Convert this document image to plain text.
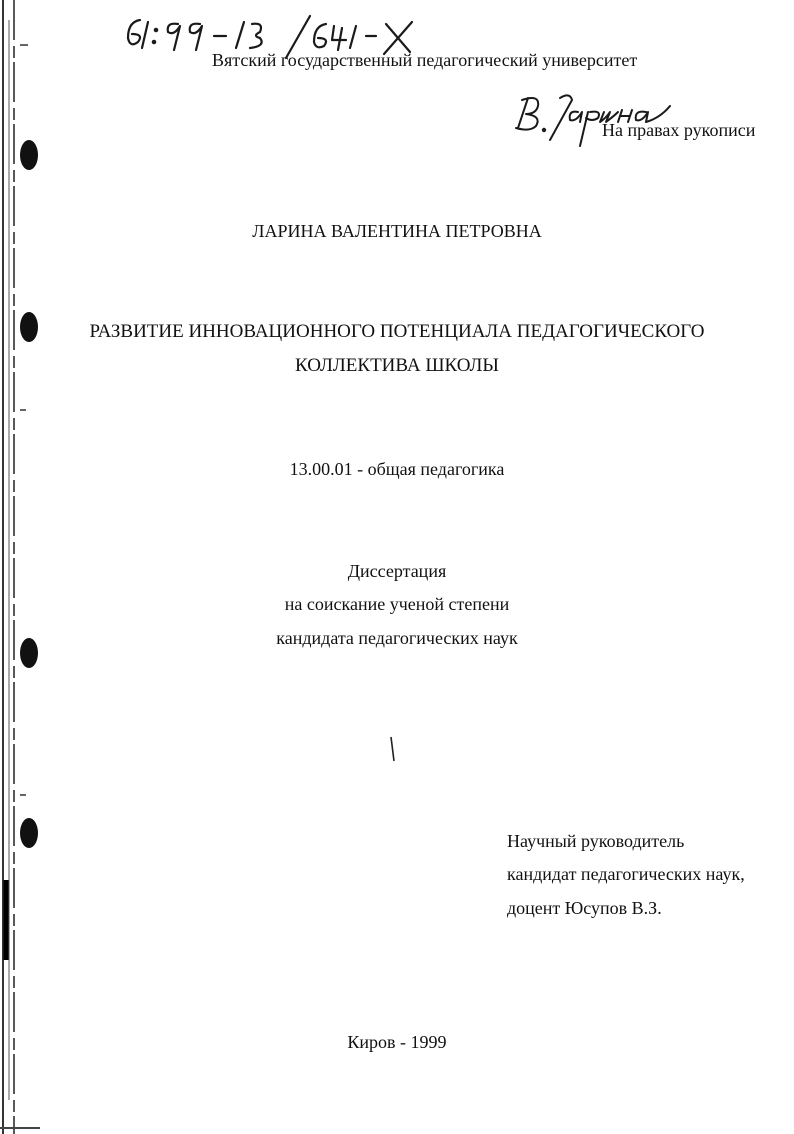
Вятский государственный педагогический университет
На правах рукописи
ЛАРИНА ВАЛЕНТИНА ПЕТРОВНА
РАЗВИТИЕ ИННОВАЦИОННОГО ПОТЕНЦИАЛА ПЕДАГОГИЧЕСКОГО
КОЛЛЕКТИВА ШКОЛЫ
13.00.01 - общая педагогика
Диссертация
на соискание ученой степени
кандидата педагогических наук
Научный руководитель
кандидат педагогических наук,
доцент Юсупов В.З.
Киров - 1999
